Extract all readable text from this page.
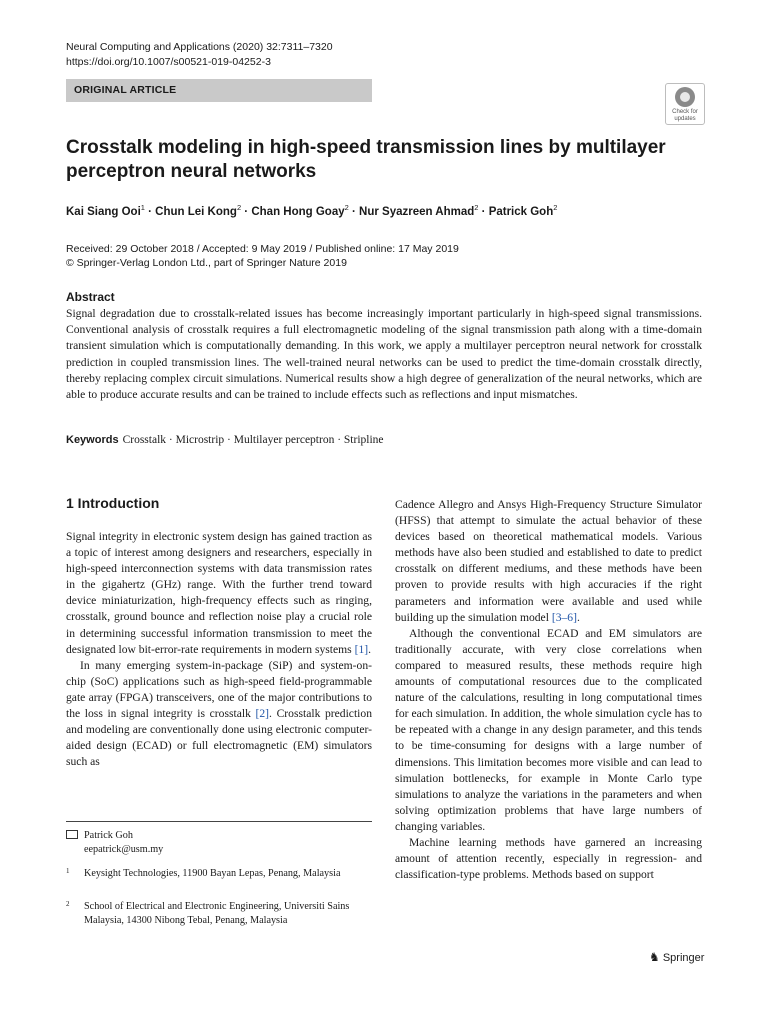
Neural Computing and Applications (2020) 32:7311–7320
https://doi.org/10.1007/s00521-019-04252-3
ORIGINAL ARTICLE
Check for updates
Crosstalk modeling in high-speed transmission lines by multilayer perceptron neural networks
Kai Siang Ooi$^1$ · Chun Lei Kong$^2$ · Chan Hong Goay$^2$ · Nur Syazreen Ahmad$^2$ · Patrick Goh$^2$
Received: 29 October 2018 / Accepted: 9 May 2019 / Published online: 17 May 2019
© Springer-Verlag London Ltd., part of Springer Nature 2019
Abstract
Signal degradation due to crosstalk-related issues has become increasingly important particularly in high-speed signal transmissions. Conventional analysis of crosstalk requires a full electromagnetic modeling of the signal transmission path along with a time-domain transient simulation which is computationally demanding. In this work, we apply a multilayer perceptron neural network for crosstalk prediction in coupled transmission lines. The well-trained neural networks can be used to predict the time-domain crosstalk directly, thereby replacing complex circuit simulations. Numerical results show a high degree of generalization of the neural networks, which are able to produce accurate results and can be trained to include effects such as reflections and input mismatches.
Keywords Crosstalk · Microstrip · Multilayer perceptron · Stripline
1 Introduction

Signal integrity in electronic system design has gained traction as a topic of interest among designers and researchers, especially in high-speed interconnection systems with data transmission rates in the gigahertz (GHz) range. With the further trend toward device miniaturization, high-frequency effects such as ringing, crosstalk, ground bounce and reflection noise play a crucial role in determining successful information transmission to meet the designated low bit-error-rate requirements in modern systems [1].

In many emerging system-in-package (SiP) and system-on-chip (SoC) applications such as high-speed field-programmable gate array (FPGA) transceivers, one of the major contributions to the loss in signal integrity is crosstalk [2]. Crosstalk prediction and modeling are conventionally done using electronic computer-aided design (ECAD) or full electromagnetic (EM) simulators such as

Patrick Goh
eepatrick@usm.my
1	Keysight Technologies, 11900 Bayan Lepas, Penang, Malaysia
2	School of Electrical and Electronic Engineering, Universiti Sains Malaysia, 14300 Nibong Tebal, Penang, Malaysia

Cadence Allegro and Ansys High-Frequency Structure Simulator (HFSS) that attempt to simulate the actual behavior of these devices based on theoretical mathematical models. Various methods have also been studied and established to date to predict crosstalk on different mediums, and these methods have been proven to provide results with high accuracies if the right parameters and information were available and used while building up the simulation model [3–6].

Although the conventional ECAD and EM simulators are traditionally accurate, with very close correlations when compared to measured results, these methods require high amounts of computational resources due to the complicated nature of the calculations, resulting in long computational times for each simulation. In addition, the whole simulation cycle has to be repeated with a change in any design parameter, and this tends to be time-consuming for designs with a large number of dimensions. This limitation becomes more visible and can lead to simulation bottlenecks, for example in Monte Carlo type simulations to analyze the variations in the parameters and when solving optimization problems that have large numbers of changing variables.

Machine learning methods have garnered an increasing amount of attention recently, especially in regression- and classification-type problems. Methods based on support

♞ Springer
